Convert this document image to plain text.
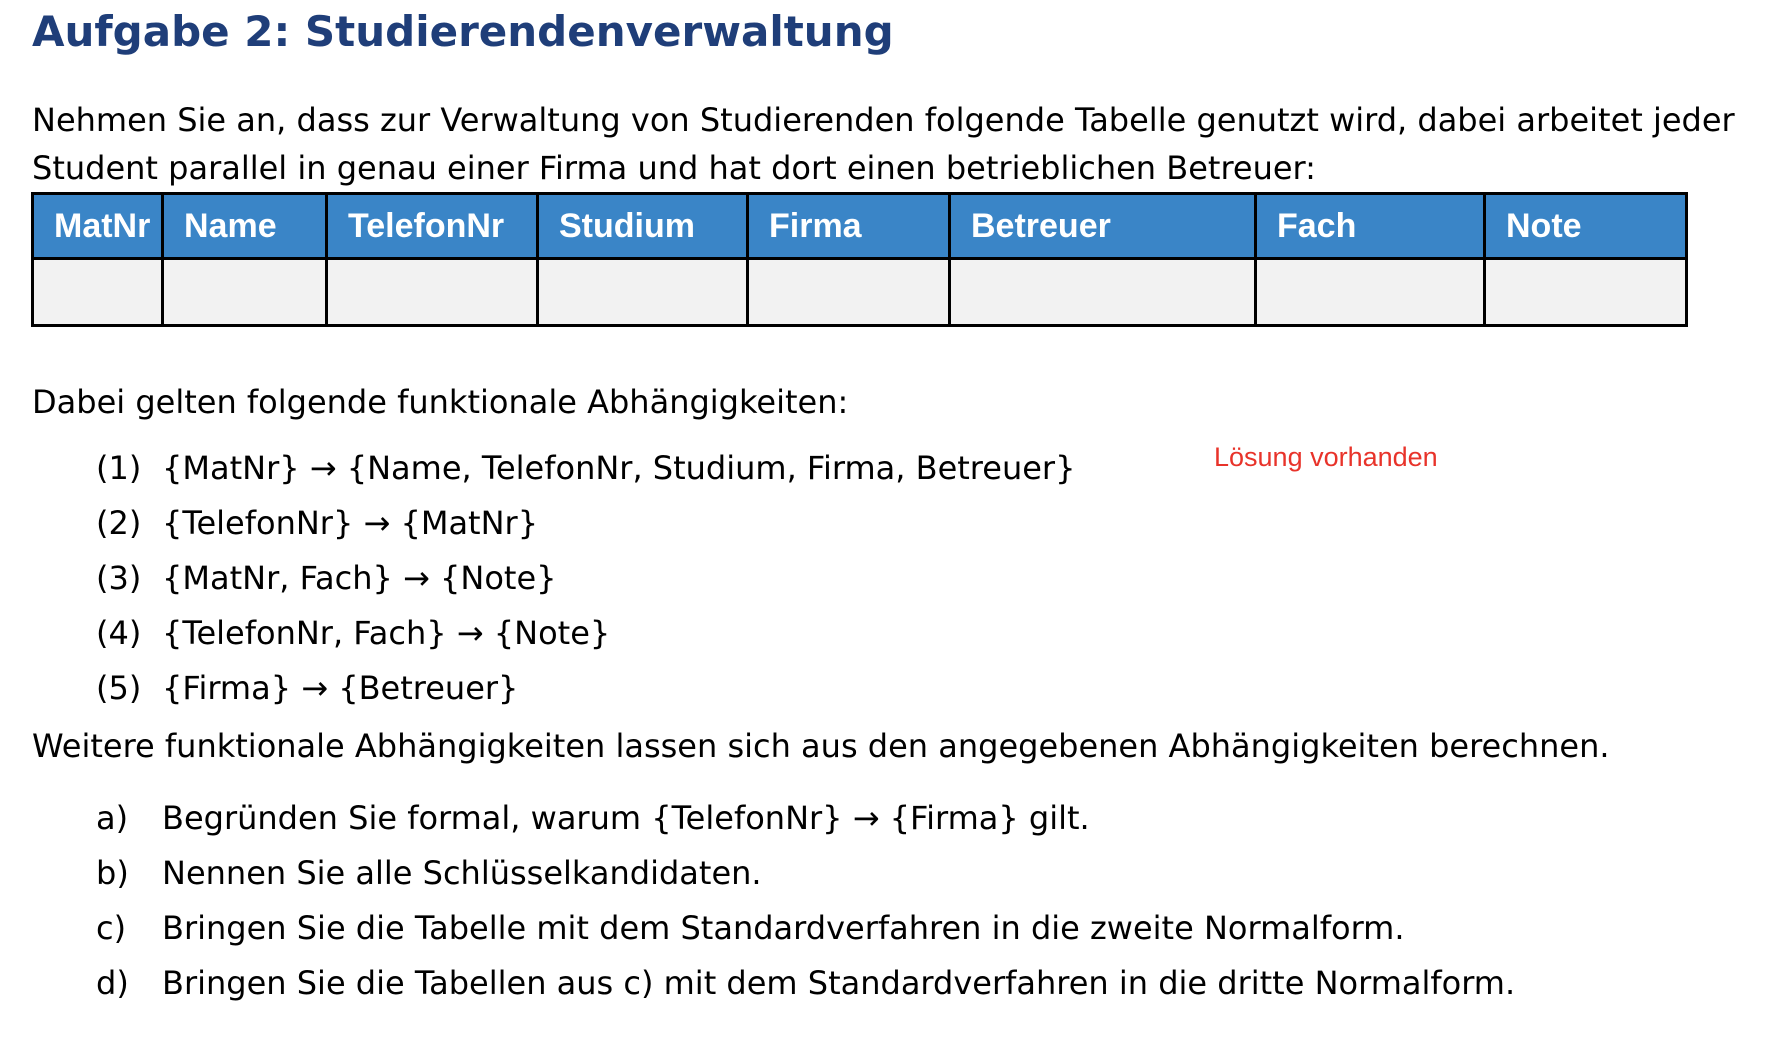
Aufgabe 2: Studierendenverwaltung

Nehmen Sie an, dass zur Verwaltung von Studierenden folgende Tabelle genutzt wird, dabei arbeitet jeder
Student parallel in genau einer Firma und hat dort einen betrieblichen Betreuer:

MatNr	Name	TelefonNr	Studium	Firma	Betreuer	Fach	Note

Dabei gelten folgende funktionale Abhängigkeiten:

(1) {MatNr} → {Name, TelefonNr, Studium, Firma, Betreuer}
(2) {TelefonNr} → {MatNr}
(3) {MatNr, Fach} → {Note}
(4) {TelefonNr, Fach} → {Note}
(5) {Firma} → {Betreuer}
Lösung vorhanden

Weitere funktionale Abhängigkeiten lassen sich aus den angegebenen Abhängigkeiten berechnen.

a) Begründen Sie formal, warum {TelefonNr} → {Firma} gilt.
b) Nennen Sie alle Schlüsselkandidaten.
c) Bringen Sie die Tabelle mit dem Standardverfahren in die zweite Normalform.
d) Bringen Sie die Tabellen aus c) mit dem Standardverfahren in die dritte Normalform.
